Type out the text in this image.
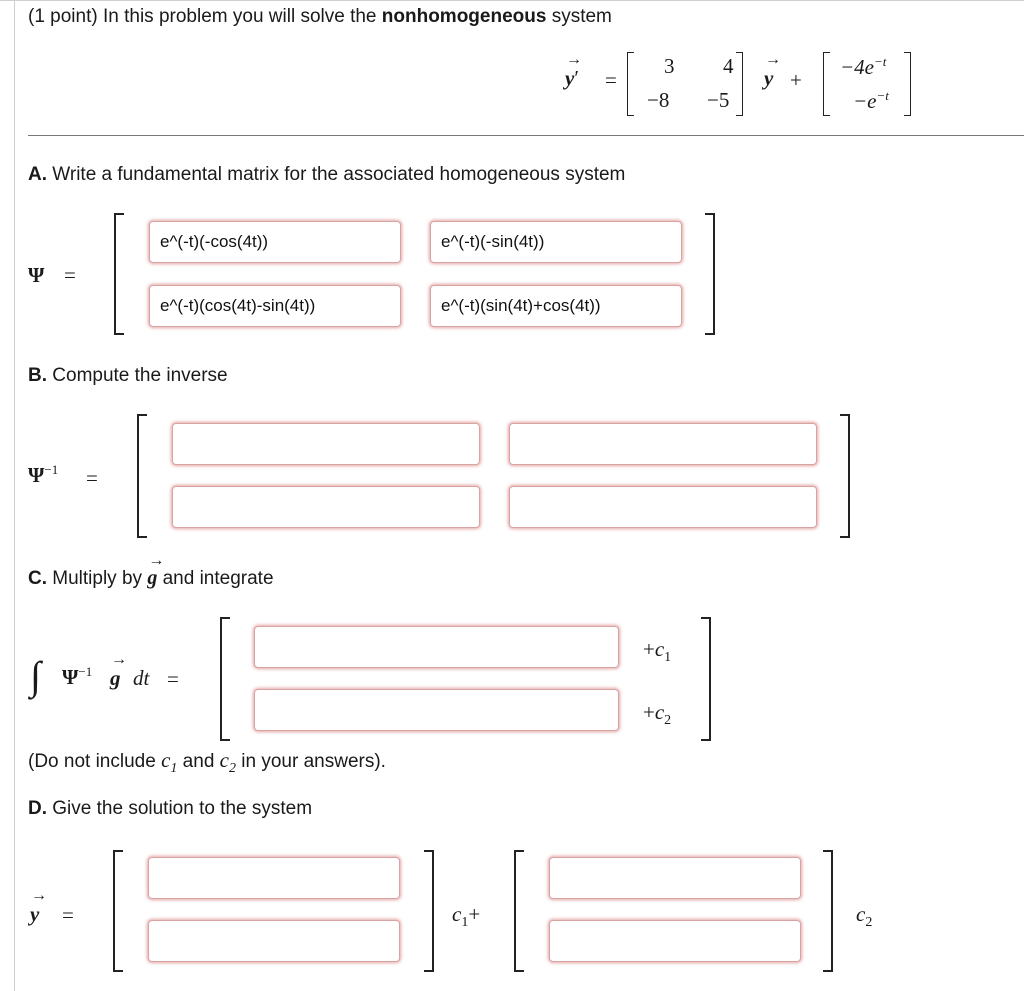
(1 point) In this problem you will solve the nonhomogeneous system
→ y′ =
3 4
−8 −5
→ y +
$-4e^{-t}$
$-e^{-t}$
A. Write a fundamental matrix for the associated homogeneous system
Ψ =
e^(-t)(-cos(4t))
e^(-t)(-sin(4t))
e^(-t)(cos(4t)-sin(4t))
e^(-t)(sin(4t)+cos(4t))
B. Compute the inverse
$\Psi^{-1}$ =
C. Multiply by → g and integrate
∫ $\Psi^{-1}$
→ g dt =
$+c_1$
$+c_2$
(Do not include $c_1$ and $c_2$ in your answers).
D. Give the solution to the system
→ y =	$c_1+$	$c_2$
